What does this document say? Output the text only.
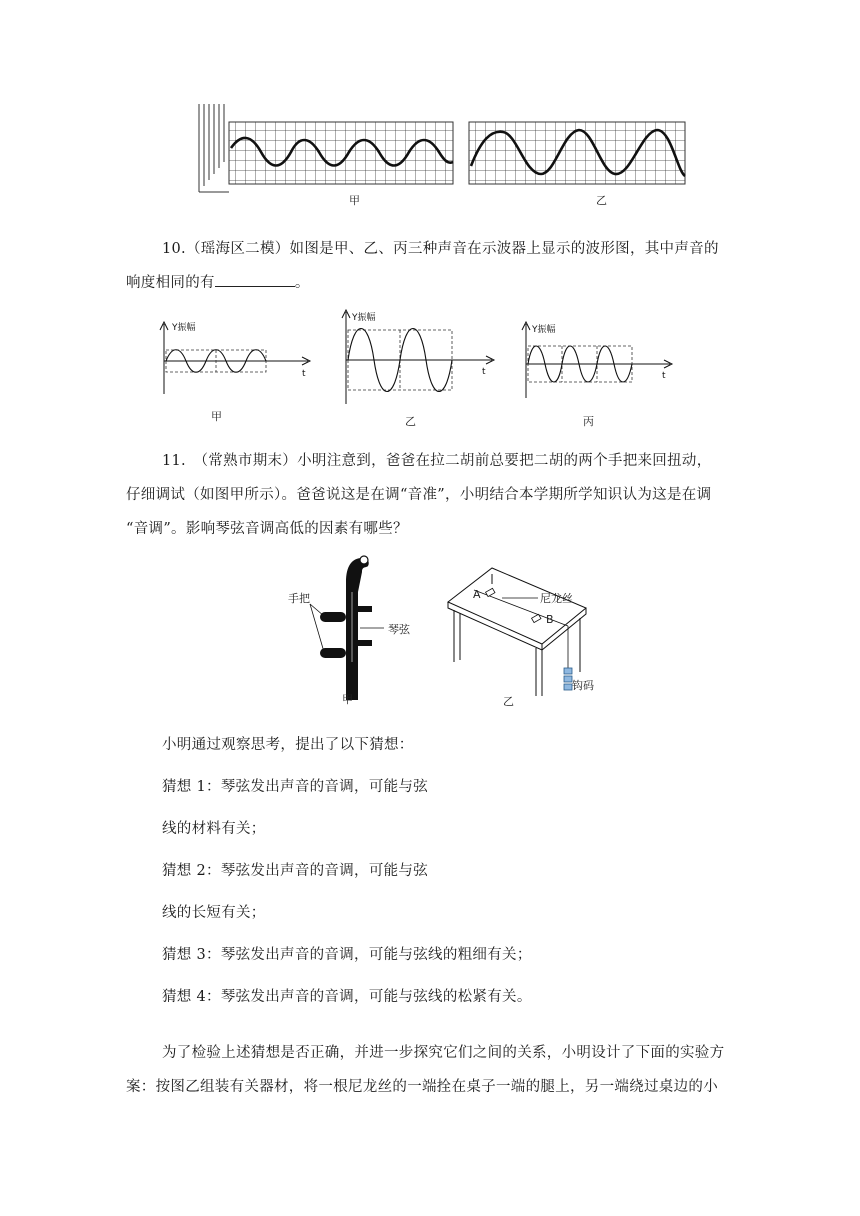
甲	乙
10.（瑶海区二模）如图是甲、乙、丙三种声音在示波器上显示的波形图，其中声音的
响度相同的有	。
Y振幅
t
甲
Y振幅
t
乙
Y振幅
t
丙
11.　（常熟市期末）小明注意到，爸爸在拉二胡前总要把二胡的两个手把来回扭动，
仔细调试（如图甲所示）。爸爸说这是在调“音准”，小明结合本学期所学知识认为这是在调
“音调”。影响琴弦音调高低的因素有哪些？
手把
琴弦
甲
A
B
尼龙丝
钩码
乙
小明通过观察思考，提出了以下猜想：
猜想 1：琴弦发出声音的音调，可能与弦
线的材料有关；
猜想 2：琴弦发出声音的音调，可能与弦
线的长短有关；
猜想 3：琴弦发出声音的音调，可能与弦线的粗细有关；
猜想 4：琴弦发出声音的音调，可能与弦线的松紧有关。
为了检验上述猜想是否正确，并进一步探究它们之间的关系，小明设计了下面的实验方
案：按图乙组装有关器材，将一根尼龙丝的一端拴在桌子一端的腿上，另一端绕过桌边的小
